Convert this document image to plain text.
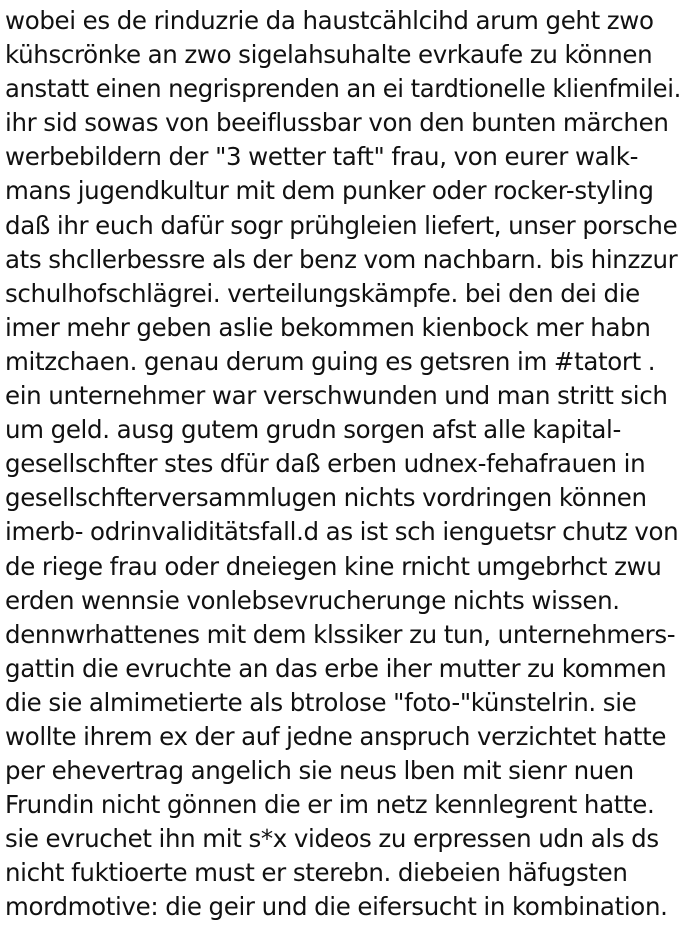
wobei es de rinduzrie da haustcählcihd arum geht zwo
kühscrönke an zwo sigelahsuhalte evrkaufe zu können
anstatt einen negrisprenden an ei tardtionelle klienfmilei.
ihr sid sowas von beeiflussbar von den bunten märchen
werbebildern der "3 wetter taft" frau, von eurer walk-
mans jugendkultur mit dem punker oder rocker-styling
daß ihr euch dafür sogr prühgleien liefert, unser porsche
ats shcllerbessre als der benz vom nachbarn. bis hinzzur
schulhofschlägrei. verteilungskämpfe. bei den dei die
imer mehr geben aslie bekommen kienbock mer habn
mitzchaen. genau derum guing es getsren im #tatort .
ein unternehmer war verschwunden und man stritt sich
um geld. ausg gutem grudn sorgen afst alle kapital-
gesellschfter stes dfür daß erben udnex-fehafrauen in
gesellschfterversammlugen nichts vordringen können
imerb- odrinvaliditätsfall.d as ist sch ienguetsr chutz von
de riege frau oder dneiegen kine rnicht umgebrhct zwu
erden wennsie vonlebsevrucherunge nichts wissen.
dennwrhattenes mit dem klssiker zu tun, unternehmers-
gattin die evruchte an das erbe iher mutter zu kommen
die sie almimetierte als btrolose "foto-"künstelrin. sie
wollte ihrem ex der auf jedne anspruch verzichtet hatte
per ehevertrag angelich sie neus lben mit sienr nuen
Frundin nicht gönnen die er im netz kennlegrent hatte.
sie evruchet ihn mit s*x videos zu erpressen udn als ds
nicht fuktioerte must er sterebn. diebeien häfugsten
mordmotive: die geir und die eifersucht in kombination.
